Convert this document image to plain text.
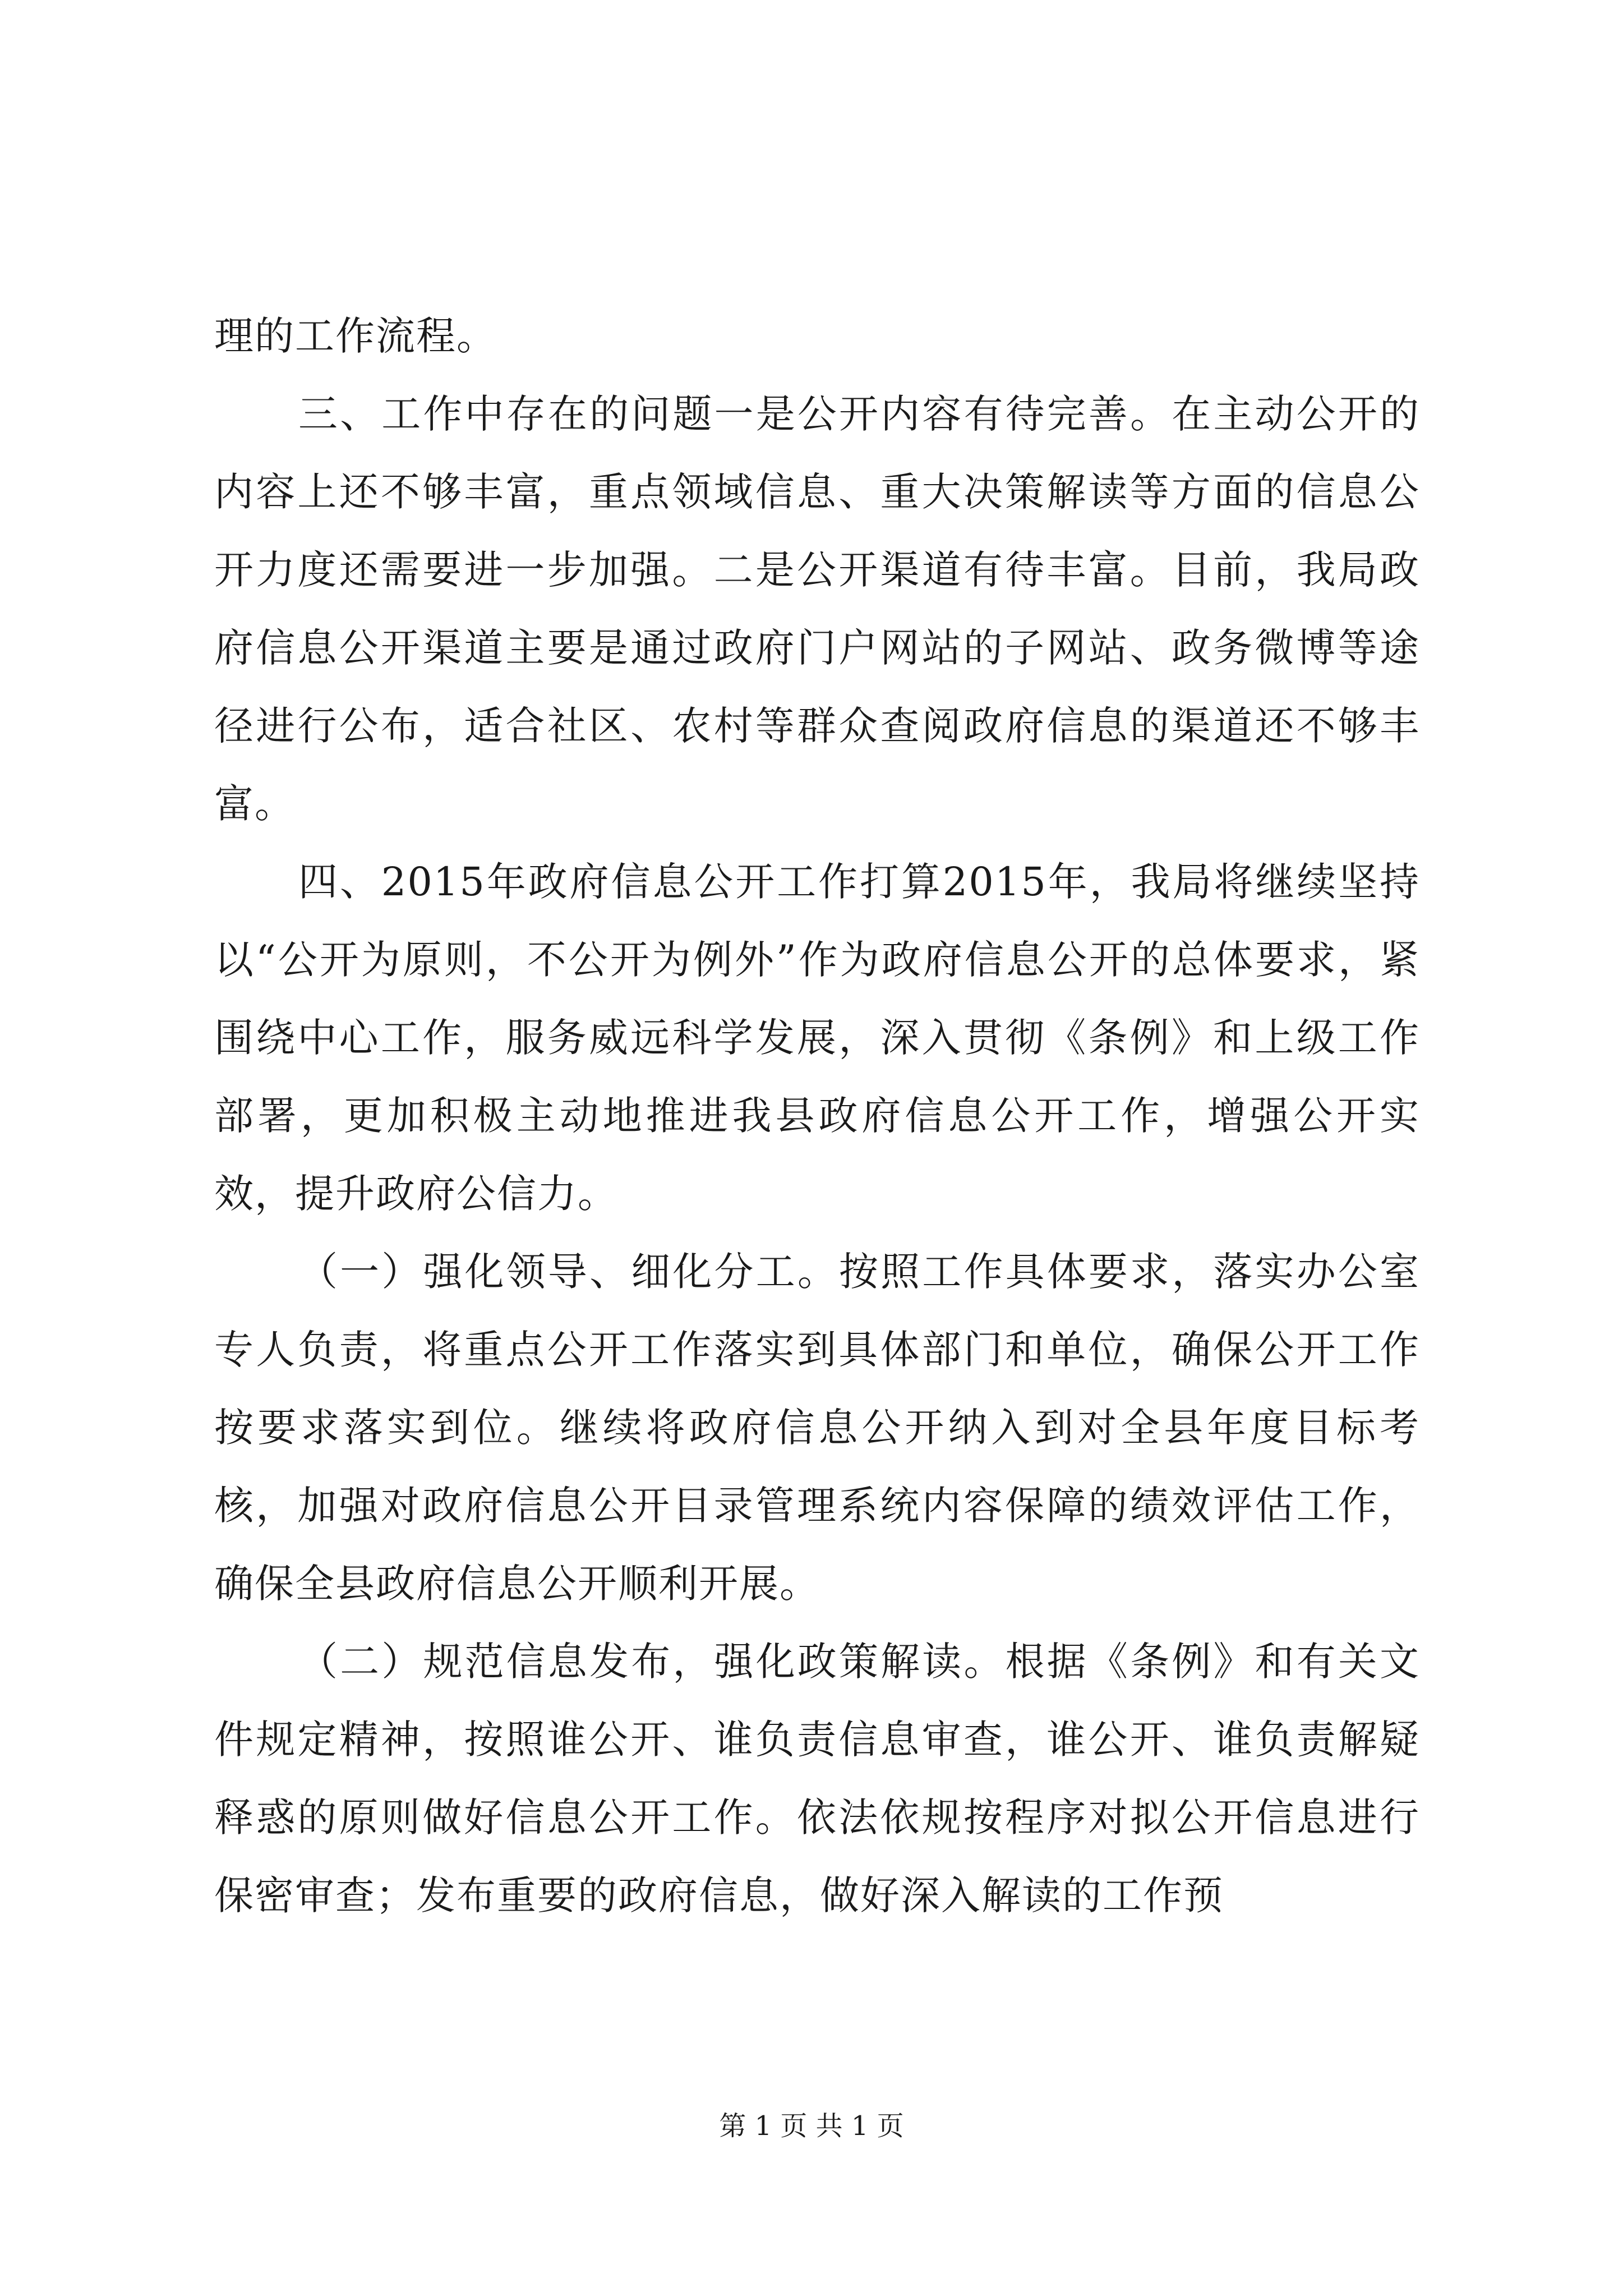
理的工作流程。

三、工作中存在的问题一是公开内容有待完善。在主动公开的内容上还不够丰富，重点领域信息、重大决策解读等方面的信息公开力度还需要进一步加强。二是公开渠道有待丰富。目前，我局政府信息公开渠道主要是通过政府门户网站的子网站、政务微博等途径进行公布，适合社区、农村等群众查阅政府信息的渠道还不够丰富。

四、2015年政府信息公开工作打算2015年，我局将继续坚持以“公开为原则，不公开为例外”作为政府信息公开的总体要求，紧围绕中心工作，服务威远科学发展，深入贯彻《条例》和上级工作部署，更加积极主动地推进我县政府信息公开工作，增强公开实效，提升政府公信力。

（一）强化领导、细化分工。按照工作具体要求，落实办公室专人负责，将重点公开工作落实到具体部门和单位，确保公开工作按要求落实到位。继续将政府信息公开纳入到对全县年度目标考核，加强对政府信息公开目录管理系统内容保障的绩效评估工作，确保全县政府信息公开顺利开展。

（二）规范信息发布，强化政策解读。根据《条例》和有关文件规定精神，按照谁公开、谁负责信息审查，谁公开、谁负责解疑释惑的原则做好信息公开工作。依法依规按程序对拟公开信息进行保密审查；发布重要的政府信息，做好深入解读的工作预

第 1 页 共 1 页
